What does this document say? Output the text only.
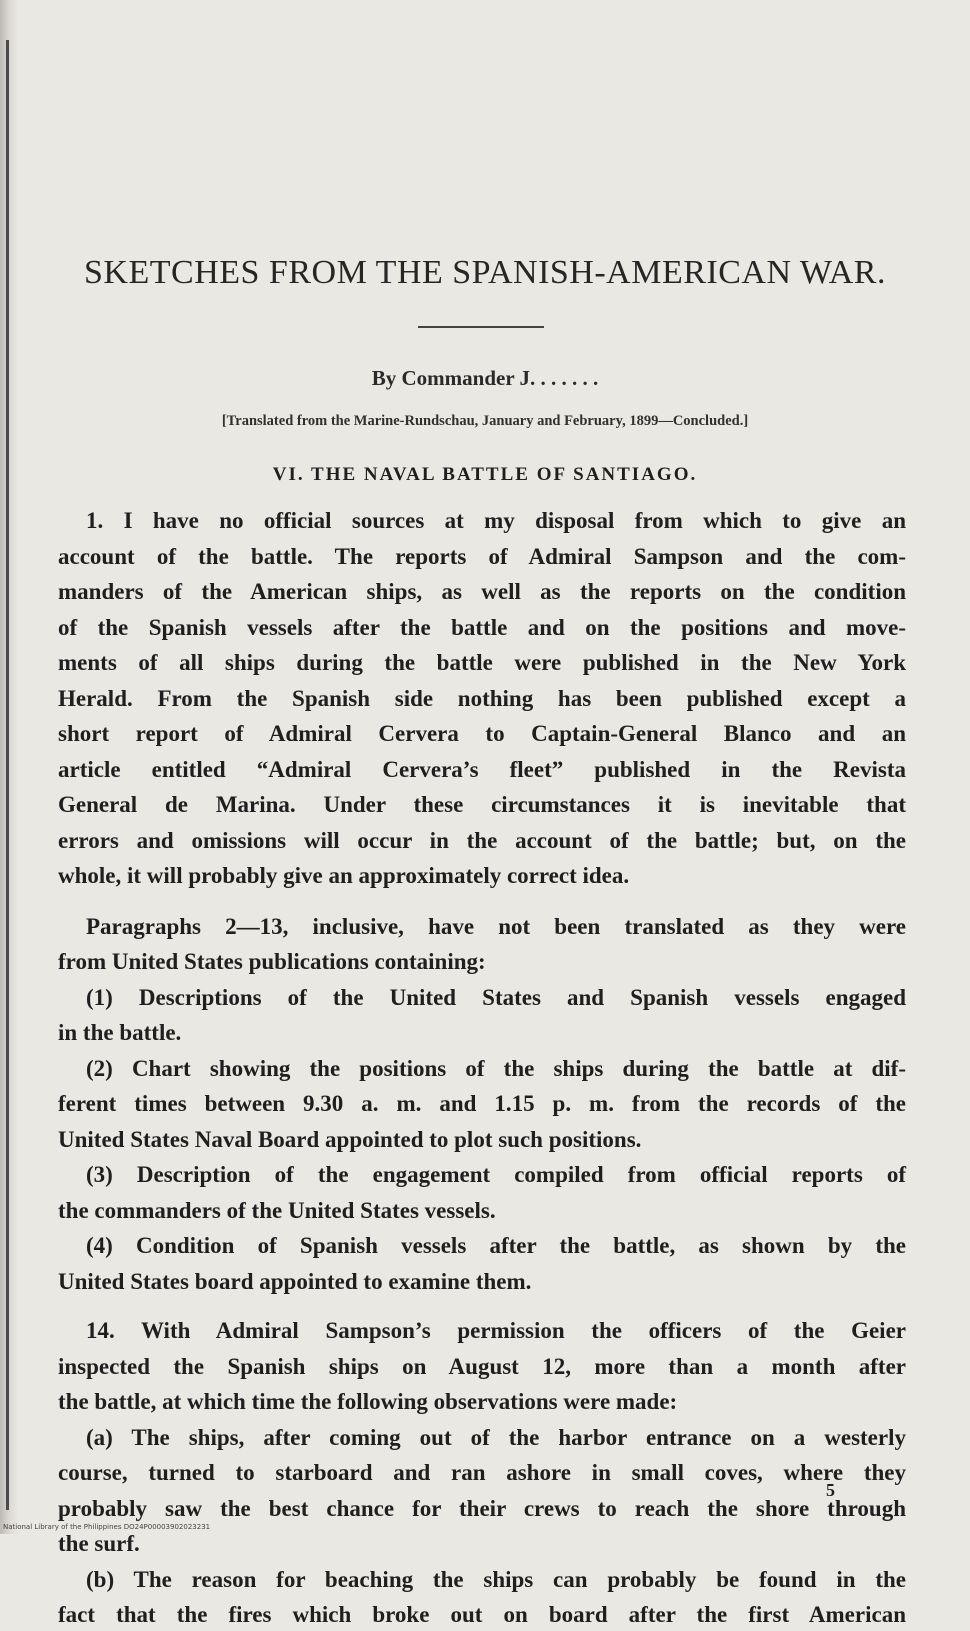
SKETCHES FROM THE SPANISH-AMERICAN WAR.
By Commander J. . . . . . .
[Translated from the Marine-Rundschau, January and February, 1899—Concluded.]
VI. THE NAVAL BATTLE OF SANTIAGO.
1. I have no official sources at my disposal from which to give an
account of the battle. The reports of Admiral Sampson and the com-
manders of the American ships, as well as the reports on the condition
of the Spanish vessels after the battle and on the positions and move-
ments of all ships during the battle were published in the New York
Herald. From the Spanish side nothing has been published except a
short report of Admiral Cervera to Captain-General Blanco and an
article entitled “Admiral Cervera’s fleet” published in the Revista
General de Marina. Under these circumstances it is inevitable that
errors and omissions will occur in the account of the battle; but, on the
whole, it will probably give an approximately correct idea.
Paragraphs 2—13, inclusive, have not been translated as they were
from United States publications containing:
(1) Descriptions of the United States and Spanish vessels engaged
in the battle.
(2) Chart showing the positions of the ships during the battle at dif-
ferent times between 9.30 a. m. and 1.15 p. m. from the records of the
United States Naval Board appointed to plot such positions.
(3) Description of the engagement compiled from official reports of
the commanders of the United States vessels.
(4) Condition of Spanish vessels after the battle, as shown by the
United States board appointed to examine them.
14. With Admiral Sampson’s permission the officers of the Geier
inspected the Spanish ships on August 12, more than a month after
the battle, at which time the following observations were made:
(a) The ships, after coming out of the harbor entrance on a westerly
course, turned to starboard and ran ashore in small coves, where they
probably saw the best chance for their crews to reach the shore through
the surf.
(b) The reason for beaching the ships can probably be found in the
fact that the fires which broke out on board after the first American
5
National Library of the Philippines DO24P00003902023231
